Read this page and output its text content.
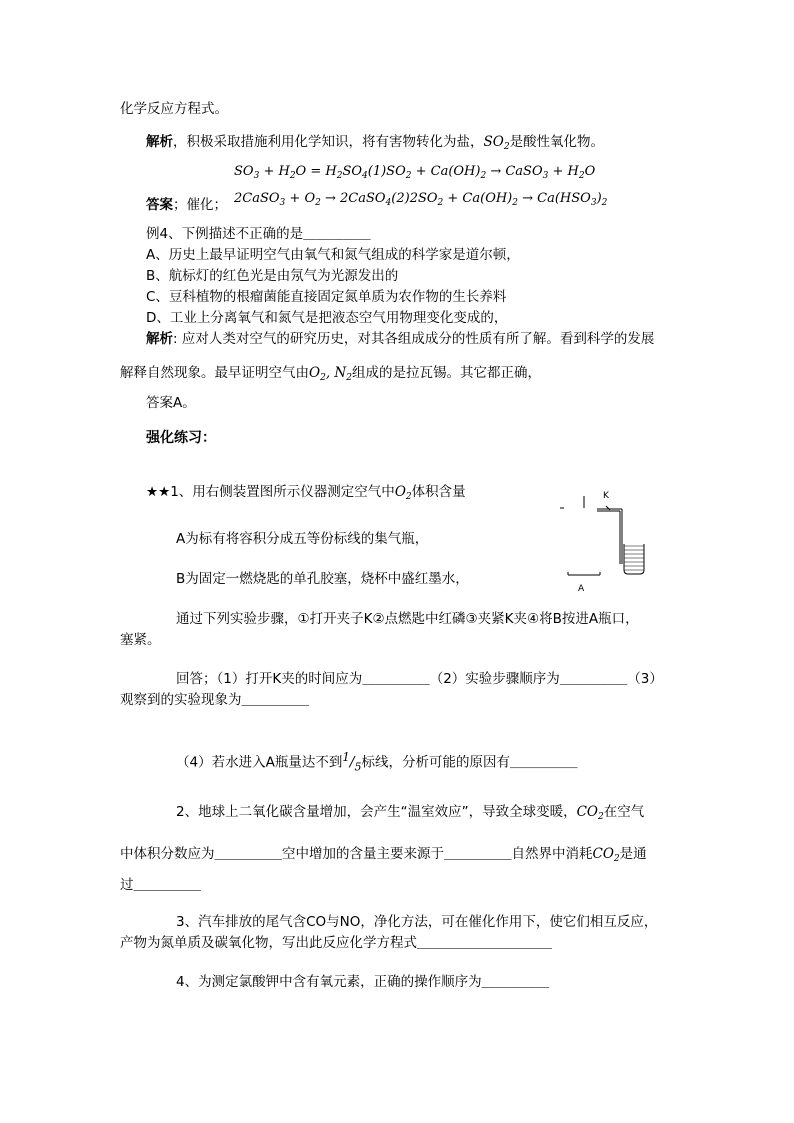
化学反应方程式。
解析，积极采取措施利用化学知识，将有害物转化为盐，$SO_2$是酸性氧化物。
$SO_3 + H_2O = H_2SO_4(1)SO_2 + Ca(OH)_2$ → CaSO$_3$ + $H_2O$
2CaSO$_3$ + $O_2$ → $2CaSO_4(2)2SO_2 + Ca(OH)_2 \to Ca(HSO_3)_2$
答案；催化；
例4、下例描述不正确的是＿＿＿＿＿
A、历史上最早证明空气由氧气和氮气组成的科学家是道尔顿，
B、航标灯的红色光是由氖气为光源发出的
C、豆科植物的根瘤菌能直接固定氮单质为农作物的生长养料
D、工业上分离氧气和氮气是把液态空气用物理变化变成的，
解析: 应对人类对空气的研究历史，对其各组成成分的性质有所了解。看到科学的发展
解释自然现象。最早证明空气由$O_2$, $N_2$组成的是拉瓦锡。其它都正确，
答案A。
强化练习：
★★1、用右侧装置图所示仪器测定空气中$O_2$体积含量	K
A
A为标有将容积分成五等份标线的集气瓶，
B为固定一燃烧匙的单孔胶塞，烧杯中盛红墨水，
通过下列实验步骤，①打开夹子K②点燃匙中红磷③夹紧K夹④将B按进A瓶口，
塞紧。
回答；（1）打开K夹的时间应为＿＿＿＿＿（2）实验步骤顺序为＿＿＿＿＿（3）
观察到的实验现象为＿＿＿＿＿
（4）若水进入A瓶量达不到$^1/_5$标线，分析可能的原因有＿＿＿＿＿
2、地球上二氧化碳含量增加，会产生“温室效应”，导致全球变暖，$CO_2$在空气
中体积分数应为＿＿＿＿＿空中增加的含量主要来源于＿＿＿＿＿自然界中消耗$CO_2$是通
过＿＿＿＿＿
3、汽车排放的尾气含CO与NO，净化方法，可在催化作用下，使它们相互反应，
产物为氮单质及碳氧化物，写出此反应化学方程式＿＿＿＿＿＿＿＿＿＿
4、为测定氯酸钾中含有氧元素，正确的操作顺序为＿＿＿＿＿
